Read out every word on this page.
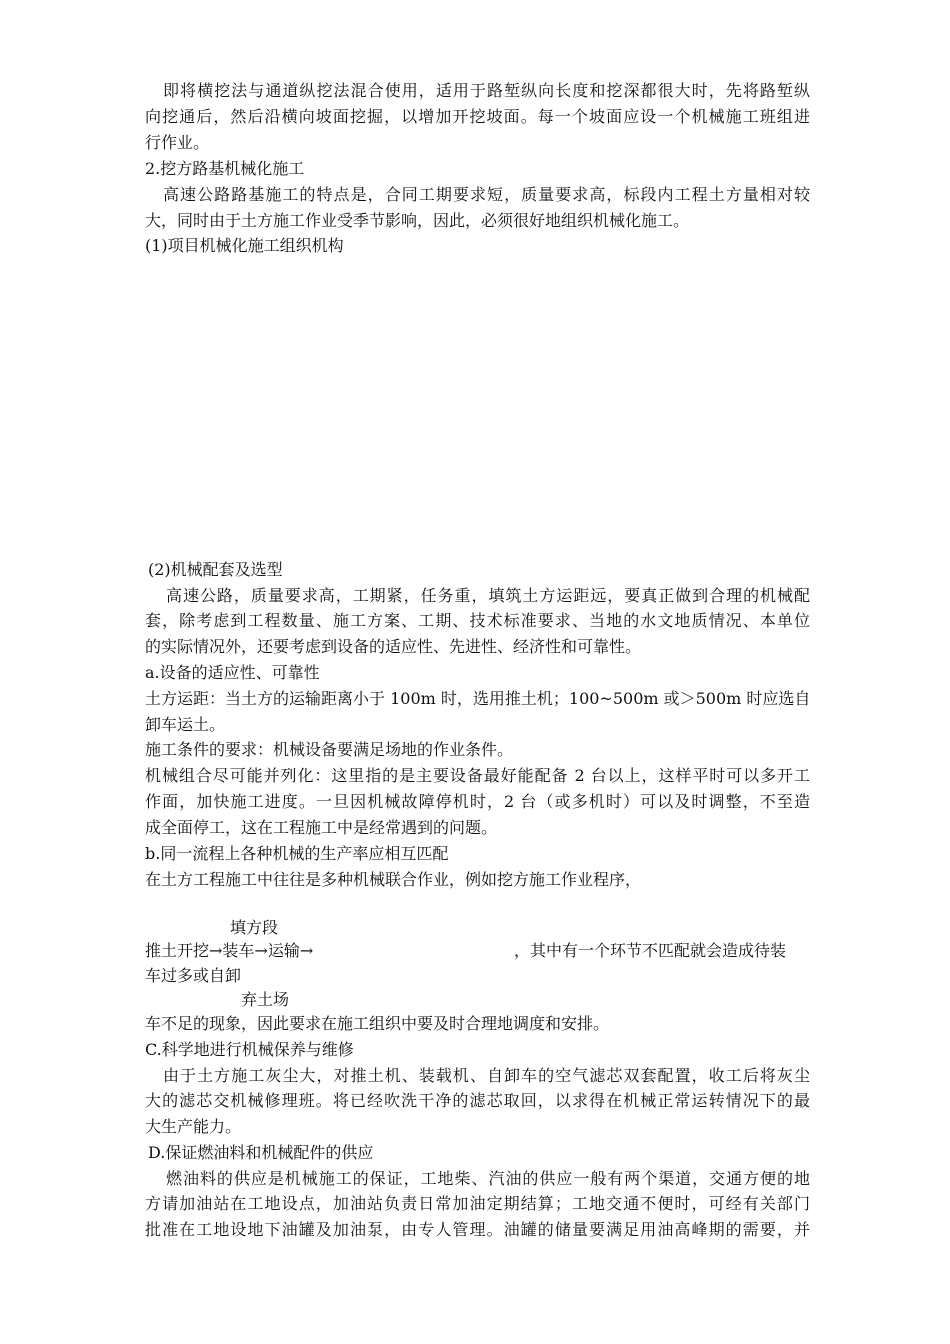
即将横挖法与通道纵挖法混合使用，适用于路堑纵向长度和挖深都很大时，先将路堑纵
向挖通后，然后沿横向坡面挖掘，以增加开挖坡面。每一个坡面应设一个机械施工班组进
行作业。
2.挖方路基机械化施工
高速公路路基施工的特点是，合同工期要求短，质量要求高，标段内工程土方量相对较
大，同时由于土方施工作业受季节影响，因此，必须很好地组织机械化施工。
(1)项目机械化施工组织机构
(2)机械配套及选型
高速公路，质量要求高，工期紧，任务重，填筑土方运距远，要真正做到合理的机械配
套，除考虑到工程数量、施工方案、工期、技术标准要求、当地的水文地质情况、本单位
的实际情况外，还要考虑到设备的适应性、先进性、经济性和可靠性。
a.设备的适应性、可靠性
土方运距：当土方的运输距离小于 100m 时，选用推土机；100~500m 或＞500m 时应选自
卸车运土。
施工条件的要求：机械设备要满足场地的作业条件。
机械组合尽可能并列化：这里指的是主要设备最好能配备 2 台以上，这样平时可以多开工
作面，加快施工进度。一旦因机械故障停机时，2 台（或多机时）可以及时调整，不至造
成全面停工，这在工程施工中是经常遇到的问题。
b.同一流程上各种机械的生产率应相互匹配
在土方工程施工中往往是多种机械联合作业，例如挖方施工作业程序，
填方段
推土开挖→装车→运输→	，其中有一个环节不匹配就会造成待装
车过多或自卸
弃土场
车不足的现象，因此要求在施工组织中要及时合理地调度和安排。
C.科学地进行机械保养与维修
由于土方施工灰尘大，对推土机、装载机、自卸车的空气滤芯双套配置，收工后将灰尘
大的滤芯交机械修理班。将已经吹洗干净的滤芯取回，以求得在机械正常运转情况下的最
大生产能力。
D.保证燃油料和机械配件的供应
燃油料的供应是机械施工的保证，工地柴、汽油的供应一般有两个渠道，交通方便的地
方请加油站在工地设点，加油站负责日常加油定期结算；工地交通不便时，可经有关部门
批准在工地设地下油罐及加油泵，由专人管理。油罐的储量要满足用油高峰期的需要，并
